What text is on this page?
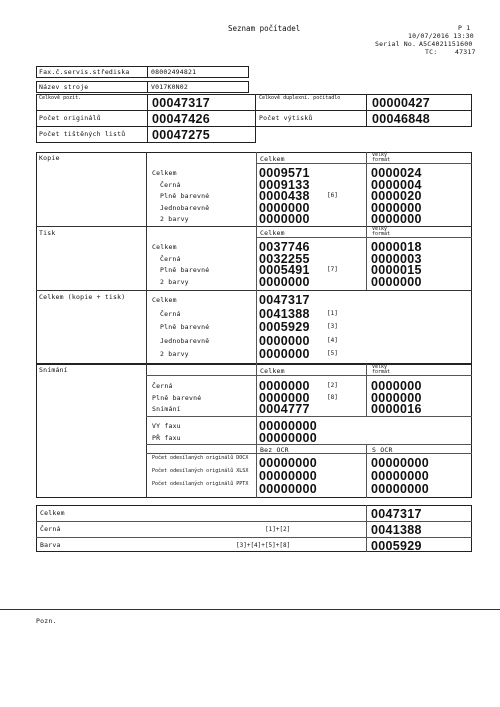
Seznam počítadel	P 1
10/07/2016 13:30
Serial No. A5C4021151600
TC:	47317
Fax.č.servis.střediska	08002494821
Název stroje	V017K0N02
Celkově pozit.	00047317	Celkově duplexní. počítadlo	00000427
Počet originálů	00047426	Počet výtisků	00046848
Počet tištěných listů 00047275
Kopie	Celkem	Velký formát
Celkem	0009571	0000024
Černá	0009133	0000004
Plně barevné	0000438	[6]	0000020
Jednobarevně	0000000	0000000
2 barvy	0000000	0000000
Tisk	Celkem	Velký formát
Celkem	0037746	0000018
Černá	0032255	0000003
Plně barevné	0005491	[7]	0000015
2 barvy	0000000	0000000
Celkem (kopie + tisk)	Celkem	0047317
Černá	0041388	[1]
Plně barevné	0005929	[3]
Jednobarevně	0000000	[4]
2 barvy	0000000	[5]
Snímání	Celkem	Velký formát
Černá	0000000	[2]	0000000
Plně barevné	0000000	[8]	0000000
Snímání	0004777	0000016
VY faxu	00000000
PŘ faxu	00000000
Bez OCR	S OCR
Počet odesílaných originálů DOCX 00000000	00000000
Počet odesílaných originálů XLSX 00000000	00000000
Počet odesílaných originálů PPTX 00000000	00000000
Celkem	0047317
Černá	[1]+[2]	0041388
Barva	[3]+[4]+[5]+[8]	0005929
Pozn.
